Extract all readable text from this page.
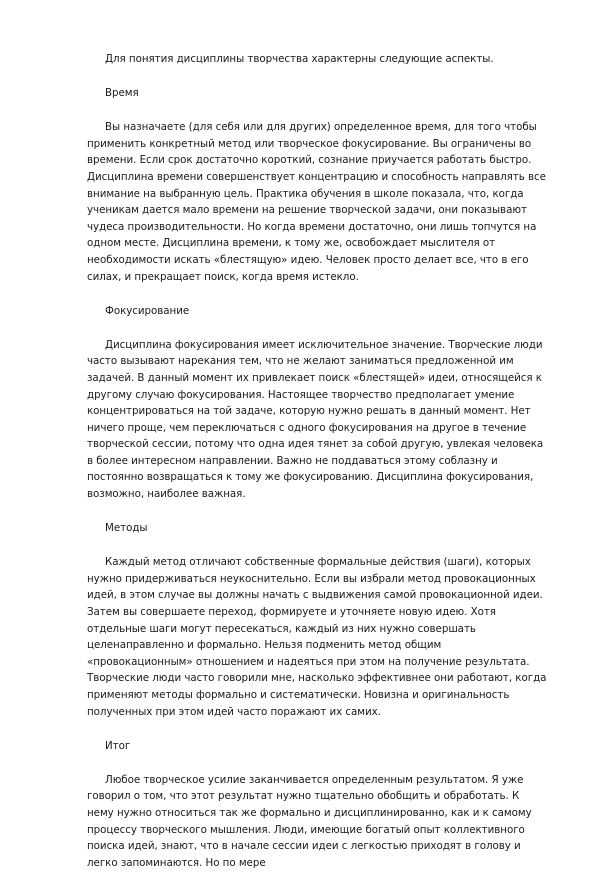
Для понятия дисциплины творчества характерны следующие аспекты.

Время

Вы назначаете (для себя или для других) определенное время, для того чтобы применить конкретный метод или творческое фокусирование. Вы ограничены во времени. Если срок достаточно короткий, сознание приучается работать быстро. Дисциплина времени совершенствует концентрацию и способность направлять все внимание на выбранную цель. Практика обучения в школе показала, что, когда ученикам дается мало времени на решение творческой задачи, они показывают чудеса производительности. Но когда времени достаточно, они лишь топчутся на одном месте. Дисциплина времени, к тому же, освобождает мыслителя от необходимости искать «блестящую» идею. Человек просто делает все, что в его силах, и прекращает поиск, когда время истекло.

Фокусирование

Дисциплина фокусирования имеет исключительное значение. Творческие люди часто вызывают нарекания тем, что не желают заниматься предложенной им задачей. В данный момент их привлекает поиск «блестящей» идеи, относящейся к другому случаю фокусирования. Настоящее творчество предполагает умение концентрироваться на той задаче, которую нужно решать в данный момент. Нет ничего проще, чем переключаться с одного фокусирования на другое в течение творческой сессии, потому что одна идея тянет за собой другую, увлекая человека в более интересном направлении. Важно не поддаваться этому соблазну и постоянно возвращаться к тому же фокусированию. Дисциплина фокусирования, возможно, наиболее важная.

Методы

Каждый метод отличают собственные формальные действия (шаги), которых нужно придерживаться неукоснительно. Если вы избрали метод провокационных идей, в этом случае вы должны начать с выдвижения самой провокационной идеи. Затем вы совершаете переход, формируете и уточняете новую идею. Хотя отдельные шаги могут пересекаться, каждый из них нужно совершать целенаправленно и формально. Нельзя подменить метод общим «провокационным» отношением и надеяться при этом на получение результата. Творческие люди часто говорили мне, насколько эффективнее они работают, когда применяют методы формально и систематически. Новизна и оригинальность полученных при этом идей часто поражают их самих.

Итог

Любое творческое усилие заканчивается определенным результатом. Я уже говорил о том, что этот результат нужно тщательно обобщить и обработать. К нему нужно относиться так же формально и дисциплинированно, как и к самому процессу творческого мышления. Люди, имеющие богатый опыт коллективного поиска идей, знают, что в начале сессии идеи с легкостью приходят в голову и легко запоминаются. Но по мере
